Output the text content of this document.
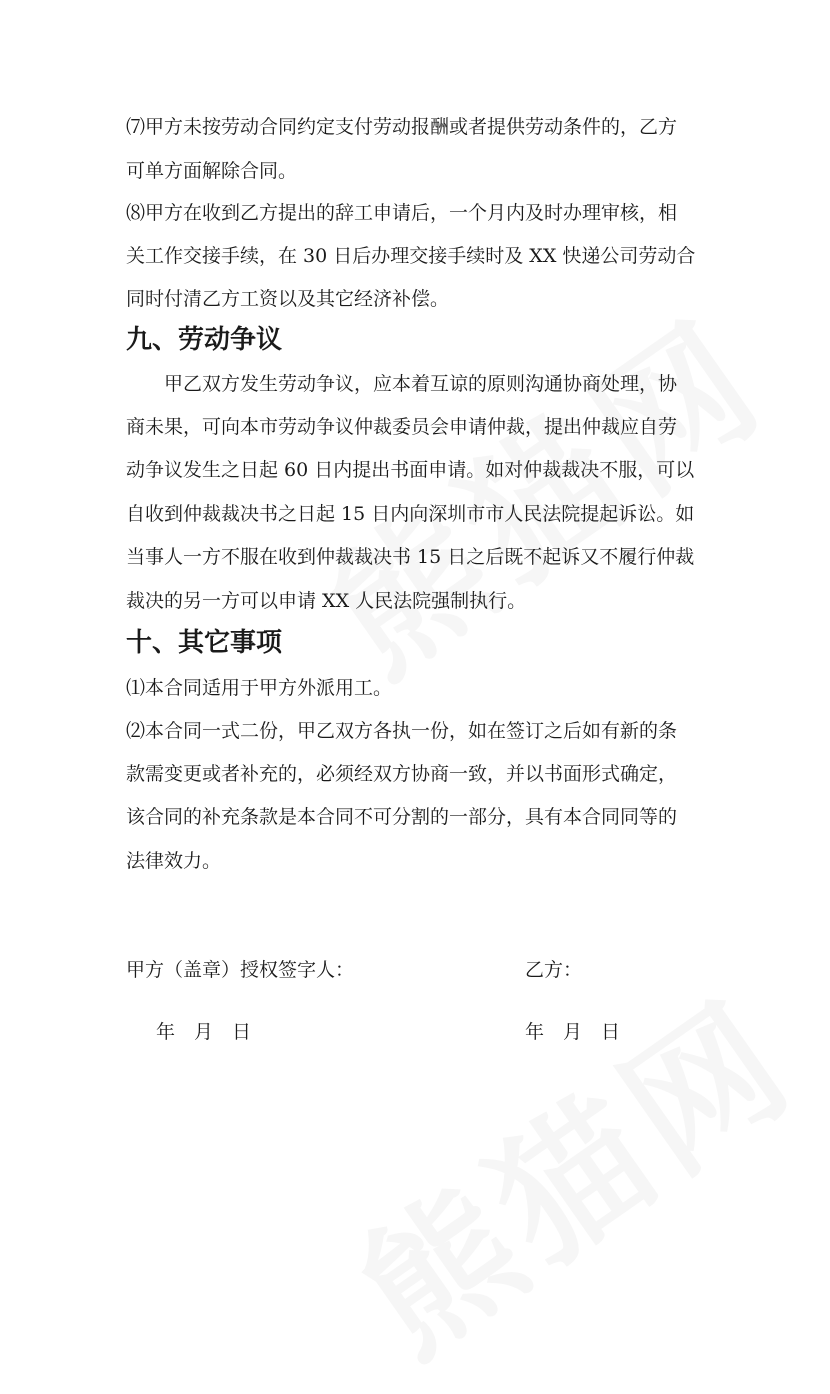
⑺甲方未按劳动合同约定支付劳动报酬或者提供劳动条件的，乙方
可单方面解除合同。
⑻甲方在收到乙方提出的辞工申请后，一个月内及时办理审核，相
关工作交接手续，在 30 日后办理交接手续时及 XX 快递公司劳动合
同时付清乙方工资以及其它经济补偿。
九、劳动争议
甲乙双方发生劳动争议，应本着互谅的原则沟通协商处理，协
商未果，可向本市劳动争议仲裁委员会申请仲裁，提出仲裁应自劳
动争议发生之日起 60 日内提出书面申请。如对仲裁裁决不服，可以
自收到仲裁裁决书之日起 15 日内向深圳市市人民法院提起诉讼。如
当事人一方不服在收到仲裁裁决书 15 日之后既不起诉又不履行仲裁
裁决的另一方可以申请 XX 人民法院强制执行。
十、其它事项
⑴本合同适用于甲方外派用工。
⑵本合同一式二份，甲乙双方各执一份，如在签订之后如有新的条
款需变更或者补充的，必须经双方协商一致，并以书面形式确定，
该合同的补充条款是本合同不可分割的一部分，具有本合同同等的
法律效力。
甲方（盖章）授权签字人：	乙方：
年　月　日	年　月　日
